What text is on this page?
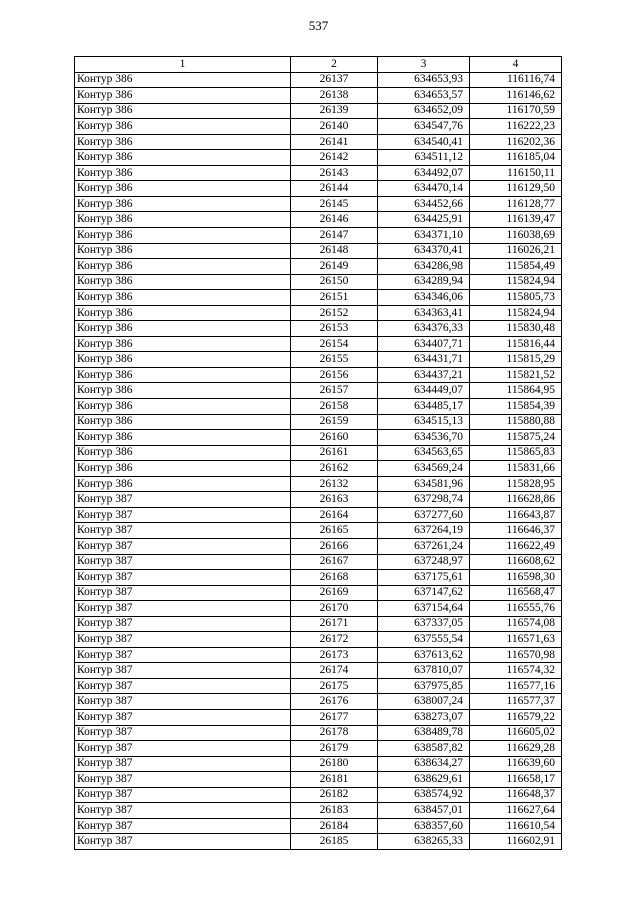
537
1	2	3	4
Контур 386	26137	634653,93	116116,74
Контур 386	26138	634653,57	116146,62
Контур 386	26139	634652,09	116170,59
Контур 386	26140	634547,76	116222,23
Контур 386	26141	634540,41	116202,36
Контур 386	26142	634511,12	116185,04
Контур 386	26143	634492,07	116150,11
Контур 386	26144	634470,14	116129,50
Контур 386	26145	634452,66	116128,77
Контур 386	26146	634425,91	116139,47
Контур 386	26147	634371,10	116038,69
Контур 386	26148	634370,41	116026,21
Контур 386	26149	634286,98	115854,49
Контур 386	26150	634289,94	115824,94
Контур 386	26151	634346,06	115805,73
Контур 386	26152	634363,41	115824,94
Контур 386	26153	634376,33	115830,48
Контур 386	26154	634407,71	115816,44
Контур 386	26155	634431,71	115815,29
Контур 386	26156	634437,21	115821,52
Контур 386	26157	634449,07	115864,95
Контур 386	26158	634485,17	115854,39
Контур 386	26159	634515,13	115880,88
Контур 386	26160	634536,70	115875,24
Контур 386	26161	634563,65	115865,83
Контур 386	26162	634569,24	115831,66
Контур 386	26132	634581,96	115828,95
Контур 387	26163	637298,74	116628,86
Контур 387	26164	637277,60	116643,87
Контур 387	26165	637264,19	116646,37
Контур 387	26166	637261,24	116622,49
Контур 387	26167	637248,97	116608,62
Контур 387	26168	637175,61	116598,30
Контур 387	26169	637147,62	116568,47
Контур 387	26170	637154,64	116555,76
Контур 387	26171	637337,05	116574,08
Контур 387	26172	637555,54	116571,63
Контур 387	26173	637613,62	116570,98
Контур 387	26174	637810,07	116574,32
Контур 387	26175	637975,85	116577,16
Контур 387	26176	638007,24	116577,37
Контур 387	26177	638273,07	116579,22
Контур 387	26178	638489,78	116605,02
Контур 387	26179	638587,82	116629,28
Контур 387	26180	638634,27	116639,60
Контур 387	26181	638629,61	116658,17
Контур 387	26182	638574,92	116648,37
Контур 387	26183	638457,01	116627,64
Контур 387	26184	638357,60	116610,54
Контур 387	26185	638265,33	116602,91
